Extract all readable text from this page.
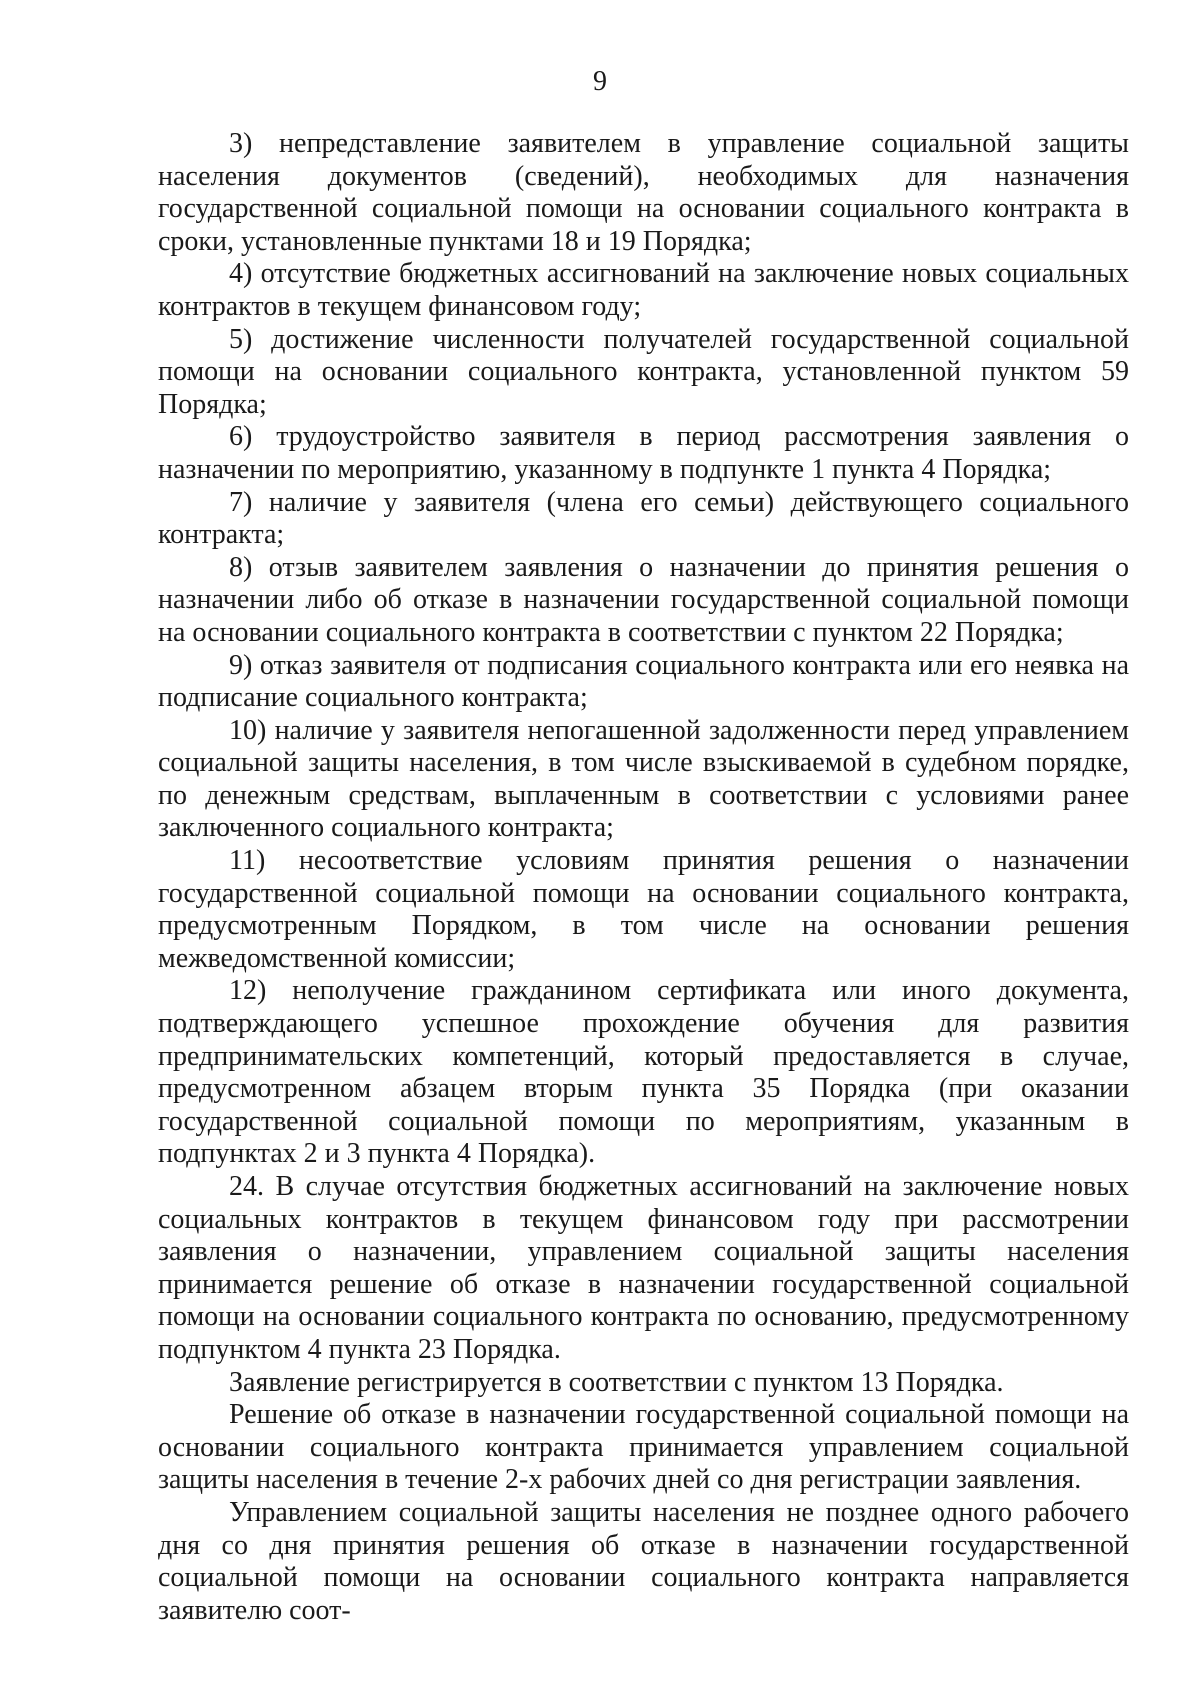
9

3) непредставление заявителем в управление социальной защиты населения документов (сведений), необходимых для назначения государственной социальной помощи на основании социального контракта в сроки, установленные пунктами 18 и 19 Порядка;

4) отсутствие бюджетных ассигнований на заключение новых социальных контрактов в текущем финансовом году;

5) достижение численности получателей государственной социальной помощи на основании социального контракта, установленной пунктом 59 Порядка;

6) трудоустройство заявителя в период рассмотрения заявления о назначении по мероприятию, указанному в подпункте 1 пункта 4 Порядка;

7) наличие у заявителя (члена его семьи) действующего социального контракта;

8) отзыв заявителем заявления о назначении до принятия решения о назначении либо об отказе в назначении государственной социальной помощи на основании социального контракта в соответствии с пунктом 22 Порядка;

9) отказ заявителя от подписания социального контракта или его неявка на подписание социального контракта;

10) наличие у заявителя непогашенной задолженности перед управлением социальной защиты населения, в том числе взыскиваемой в судебном порядке, по денежным средствам, выплаченным в соответствии с условиями ранее заключенного социального контракта;

11) несоответствие условиям принятия решения о назначении государственной социальной помощи на основании социального контракта, предусмотренным Порядком, в том числе на основании решения межведомственной комиссии;

12) неполучение гражданином сертификата или иного документа, подтверждающего успешное прохождение обучения для развития предпринимательских компетенций, который предоставляется в случае, предусмотренном абзацем вторым пункта 35 Порядка (при оказании государственной социальной помощи по мероприятиям, указанным в подпунктах 2 и 3 пункта 4 Порядка).

24. В случае отсутствия бюджетных ассигнований на заключение новых социальных контрактов в текущем финансовом году при рассмотрении заявления о назначении, управлением социальной защиты населения принимается решение об отказе в назначении государственной социальной помощи на основании социального контракта по основанию, предусмотренному подпунктом 4 пункта 23 Порядка.

Заявление регистрируется в соответствии с пунктом 13 Порядка.

Решение об отказе в назначении государственной социальной помощи на основании социального контракта принимается управлением социальной защиты населения в течение 2-х рабочих дней со дня регистрации заявления.

Управлением социальной защиты населения не позднее одного рабочего дня со дня принятия решения об отказе в назначении государственной социальной помощи на основании социального контракта направляется заявителю соот-
